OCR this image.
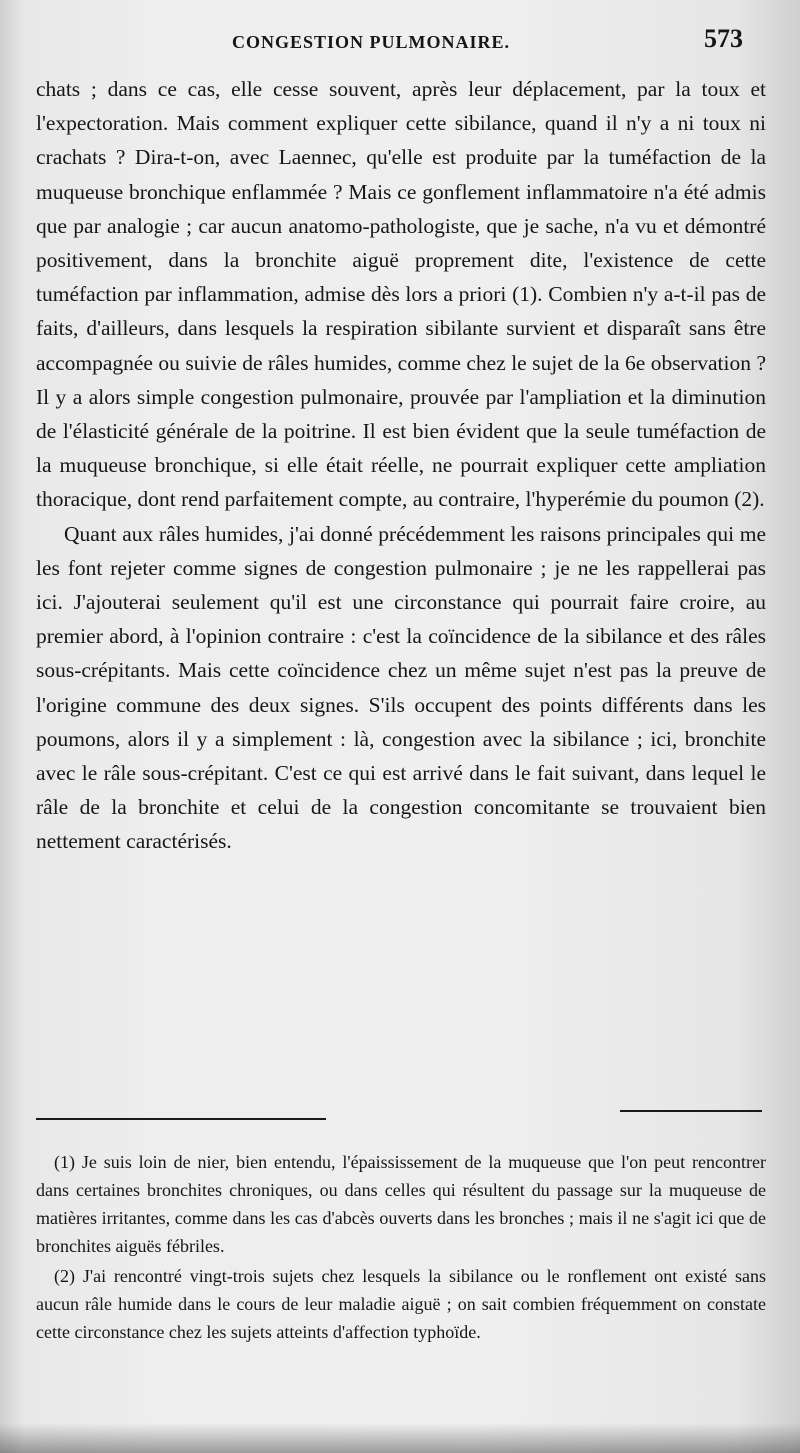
CONGESTION PULMONAIRE.	573

chats ; dans ce cas, elle cesse souvent, après leur déplacement, par la toux et l'expectoration. Mais comment expliquer cette sibilance, quand il n'y a ni toux ni crachats ? Dira-t-on, avec Laennec, qu'elle est produite par la tuméfaction de la muqueuse bronchique enflammée ? Mais ce gonflement inflammatoire n'a été admis que par analogie ; car aucun anatomo-pathologiste, que je sache, n'a vu et démontré positivement, dans la bronchite aiguë proprement dite, l'existence de cette tuméfaction par inflammation, admise dès lors a priori (1). Combien n'y a-t-il pas de faits, d'ailleurs, dans lesquels la respiration sibilante survient et disparaît sans être accompagnée ou suivie de râles humides, comme chez le sujet de la 6e observation ? Il y a alors simple congestion pulmonaire, prouvée par l'ampliation et la diminution de l'élasticité générale de la poitrine. Il est bien évident que la seule tuméfaction de la muqueuse bronchique, si elle était réelle, ne pourrait expliquer cette ampliation thoracique, dont rend parfaitement compte, au contraire, l'hyperémie du poumon (2).

Quant aux râles humides, j'ai donné précédemment les raisons principales qui me les font rejeter comme signes de congestion pulmonaire ; je ne les rappellerai pas ici. J'ajouterai seulement qu'il est une circonstance qui pourrait faire croire, au premier abord, à l'opinion contraire : c'est la coïncidence de la sibilance et des râles sous-crépitants. Mais cette coïncidence chez un même sujet n'est pas la preuve de l'origine commune des deux signes. S'ils occupent des points différents dans les poumons, alors il y a simplement : là, congestion avec la sibilance ; ici, bronchite avec le râle sous-crépitant. C'est ce qui est arrivé dans le fait suivant, dans lequel le râle de la bronchite et celui de la congestion concomitante se trouvaient bien nettement caractérisés.

(1) Je suis loin de nier, bien entendu, l'épaississement de la muqueuse que l'on peut rencontrer dans certaines bronchites chroniques, ou dans celles qui résultent du passage sur la muqueuse de matières irritantes, comme dans les cas d'abcès ouverts dans les bronches ; mais il ne s'agit ici que de bronchites aiguës fébriles.

(2) J'ai rencontré vingt-trois sujets chez lesquels la sibilance ou le ronflement ont existé sans aucun râle humide dans le cours de leur maladie aiguë ; on sait combien fréquemment on constate cette circonstance chez les sujets atteints d'affection typhoïde.
